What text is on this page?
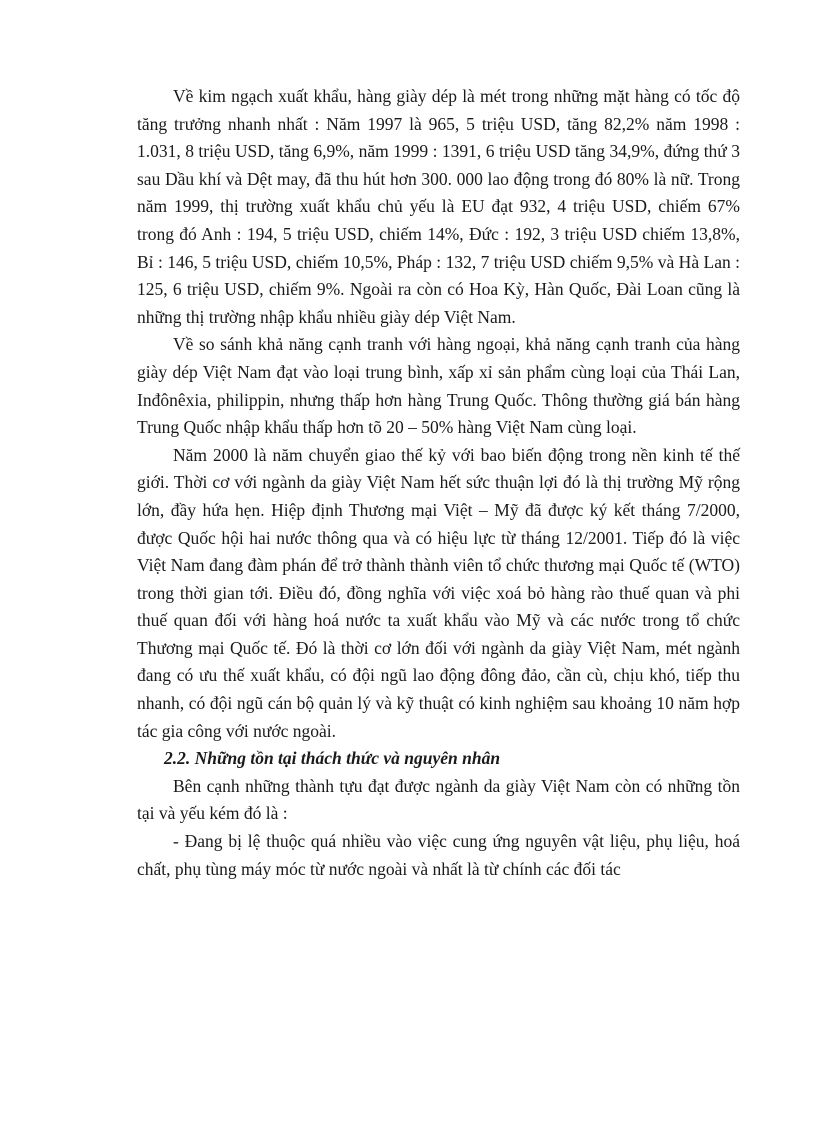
Về kim ngạch xuất khẩu, hàng giày dép là mét trong những mặt hàng có tốc độ tăng trưởng nhanh nhất : Năm 1997 là 965, 5 triệu USD, tăng 82,2% năm 1998 : 1.031, 8 triệu USD, tăng 6,9%, năm 1999 : 1391, 6 triệu USD tăng 34,9%, đứng thứ 3 sau Dầu khí và Dệt may, đã thu hút hơn 300. 000 lao động trong đó 80% là nữ. Trong năm 1999, thị trường xuất khẩu chủ yếu là EU đạt 932, 4 triệu USD, chiếm 67% trong đó Anh : 194, 5 triệu USD, chiếm 14%, Đức : 192, 3 triệu USD chiếm 13,8%, Bỉ : 146, 5 triệu USD, chiếm 10,5%, Pháp : 132, 7 triệu USD chiếm 9,5% và Hà Lan : 125, 6 triệu USD, chiếm 9%. Ngoài ra còn có Hoa Kỳ, Hàn Quốc, Đài Loan cũng là những thị trường nhập khẩu nhiều giày dép Việt Nam.

Về so sánh khả năng cạnh tranh với hàng ngoại, khả năng cạnh tranh của hàng giày dép Việt Nam đạt vào loại trung bình, xấp xỉ sản phẩm cùng loại của Thái Lan, Inđônêxia, philippin, nhưng thấp hơn hàng Trung Quốc. Thông thường giá bán hàng Trung Quốc nhập khẩu thấp hơn tõ 20 – 50% hàng Việt Nam cùng loại.

Năm 2000 là năm chuyển giao thế kỷ với bao biến động trong nền kinh tế thế giới. Thời cơ với ngành da giày Việt Nam hết sức thuận lợi đó là thị trường Mỹ rộng lớn, đầy hứa hẹn. Hiệp định Thương mại Việt – Mỹ đã được ký kết tháng 7/2000, được Quốc hội hai nước thông qua và có hiệu lực từ tháng 12/2001. Tiếp đó là việc Việt Nam đang đàm phán để trở thành thành viên tổ chức thương mại Quốc tế (WTO) trong thời gian tới. Điều đó, đồng nghĩa với việc xoá bỏ hàng rào thuế quan và phi thuế quan đối với hàng hoá nước ta xuất khẩu vào Mỹ và các nước trong tổ chức Thương mại Quốc tế. Đó là thời cơ lớn đối với ngành da giày Việt Nam, mét ngành đang có ưu thế xuất khẩu, có đội ngũ lao động đông đảo, cần cù, chịu khó, tiếp thu nhanh, có đội ngũ cán bộ quản lý và kỹ thuật có kinh nghiệm sau khoảng 10 năm hợp tác gia công với nước ngoài.

2.2. Những tồn tại thách thức và nguyên nhân

Bên cạnh những thành tựu đạt được ngành da giày Việt Nam còn có những tồn tại và yếu kém đó là :

- Đang bị lệ thuộc quá nhiều vào việc cung ứng nguyên vật liệu, phụ liệu, hoá chất, phụ tùng máy móc từ nước ngoài và nhất là từ chính các đối tác
